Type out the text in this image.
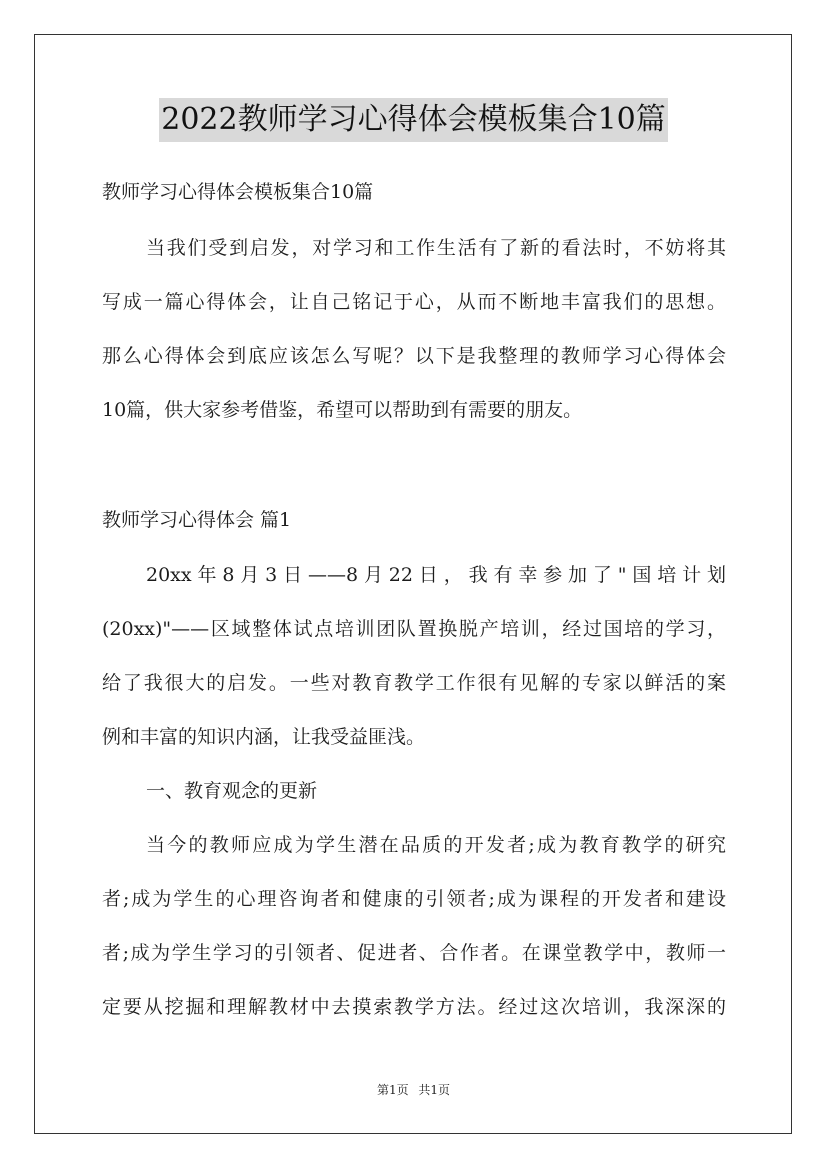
2022教师学习心得体会模板集合10篇
教师学习心得体会模板集合10篇
当我们受到启发，对学习和工作生活有了新的看法时，不妨将其
写成一篇心得体会，让自己铭记于心，从而不断地丰富我们的思想。
那么心得体会到底应该怎么写呢？以下是我整理的教师学习心得体会
10篇，供大家参考借鉴，希望可以帮助到有需要的朋友。
教师学习心得体会 篇1
20xx年8月3日——8月22日，我有幸参加了"国培计划
(20xx)"——区域整体试点培训团队置换脱产培训，经过国培的学习，
给了我很大的启发。一些对教育教学工作很有见解的专家以鲜活的案
例和丰富的知识内涵，让我受益匪浅。
一、教育观念的更新
当今的教师应成为学生潜在品质的开发者;成为教育教学的研究
者;成为学生的心理咨询者和健康的引领者;成为课程的开发者和建设
者;成为学生学习的引领者、促进者、合作者。在课堂教学中，教师一
定要从挖掘和理解教材中去摸索教学方法。经过这次培训，我深深的
第1页 共1页
